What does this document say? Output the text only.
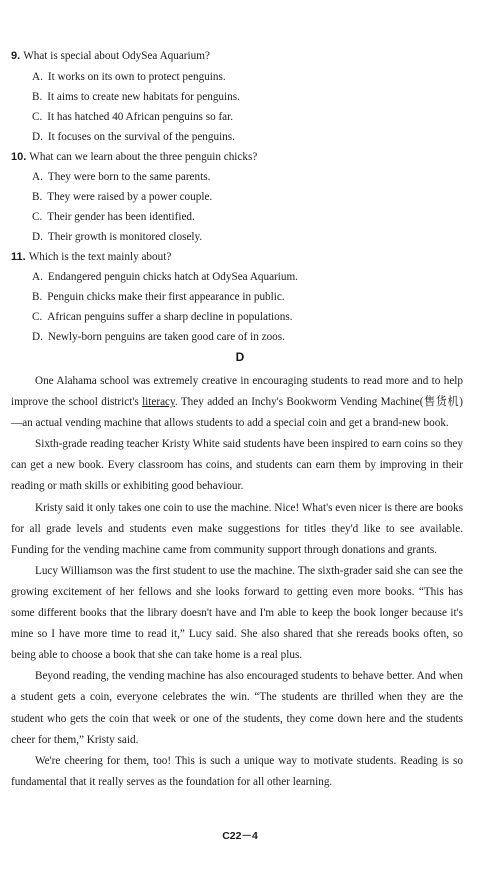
9. What is special about OdySea Aquarium?
A. It works on its own to protect penguins.
B. It aims to create new habitats for penguins.
C. It has hatched 40 African penguins so far.
D. It focuses on the survival of the penguins.
10. What can we learn about the three penguin chicks?
A. They were born to the same parents.
B. They were raised by a power couple.
C. Their gender has been identified.
D. Their growth is monitored closely.
11. Which is the text mainly about?
A. Endangered penguin chicks hatch at OdySea Aquarium.
B. Penguin chicks make their first appearance in public.
C. African penguins suffer a sharp decline in populations.
D. Newly-born penguins are taken good care of in zoos.
D

One Alahama school was extremely creative in encouraging students to read more and to help improve the school district's literacy. They added an Inchy's Bookworm Vending Machine(售货机)—an actual vending machine that allows students to add a special coin and get a brand-new book.

Sixth-grade reading teacher Kristy White said students have been inspired to earn coins so they can get a new book. Every classroom has coins, and students can earn them by improving in their reading or math skills or exhibiting good behaviour.

Kristy said it only takes one coin to use the machine. Nice! What's even nicer is there are books for all grade levels and students even make suggestions for titles they'd like to see available. Funding for the vending machine came from community support through donations and grants.

Lucy Williamson was the first student to use the machine. The sixth-grader said she can see the growing excitement of her fellows and she looks forward to getting even more books. “This has some different books that the library doesn't have and I'm able to keep the book longer because it's mine so I have more time to read it,” Lucy said. She also shared that she rereads books often, so being able to choose a book that she can take home is a real plus.

Beyond reading, the vending machine has also encouraged students to behave better. And when a student gets a coin, everyone celebrates the win. “The students are thrilled when they are the student who gets the coin that week or one of the students, they come down here and the students cheer for them,” Kristy said.

We're cheering for them, too! This is such a unique way to motivate students. Reading is so fundamental that it really serves as the foundation for all other learning.

C22－4
